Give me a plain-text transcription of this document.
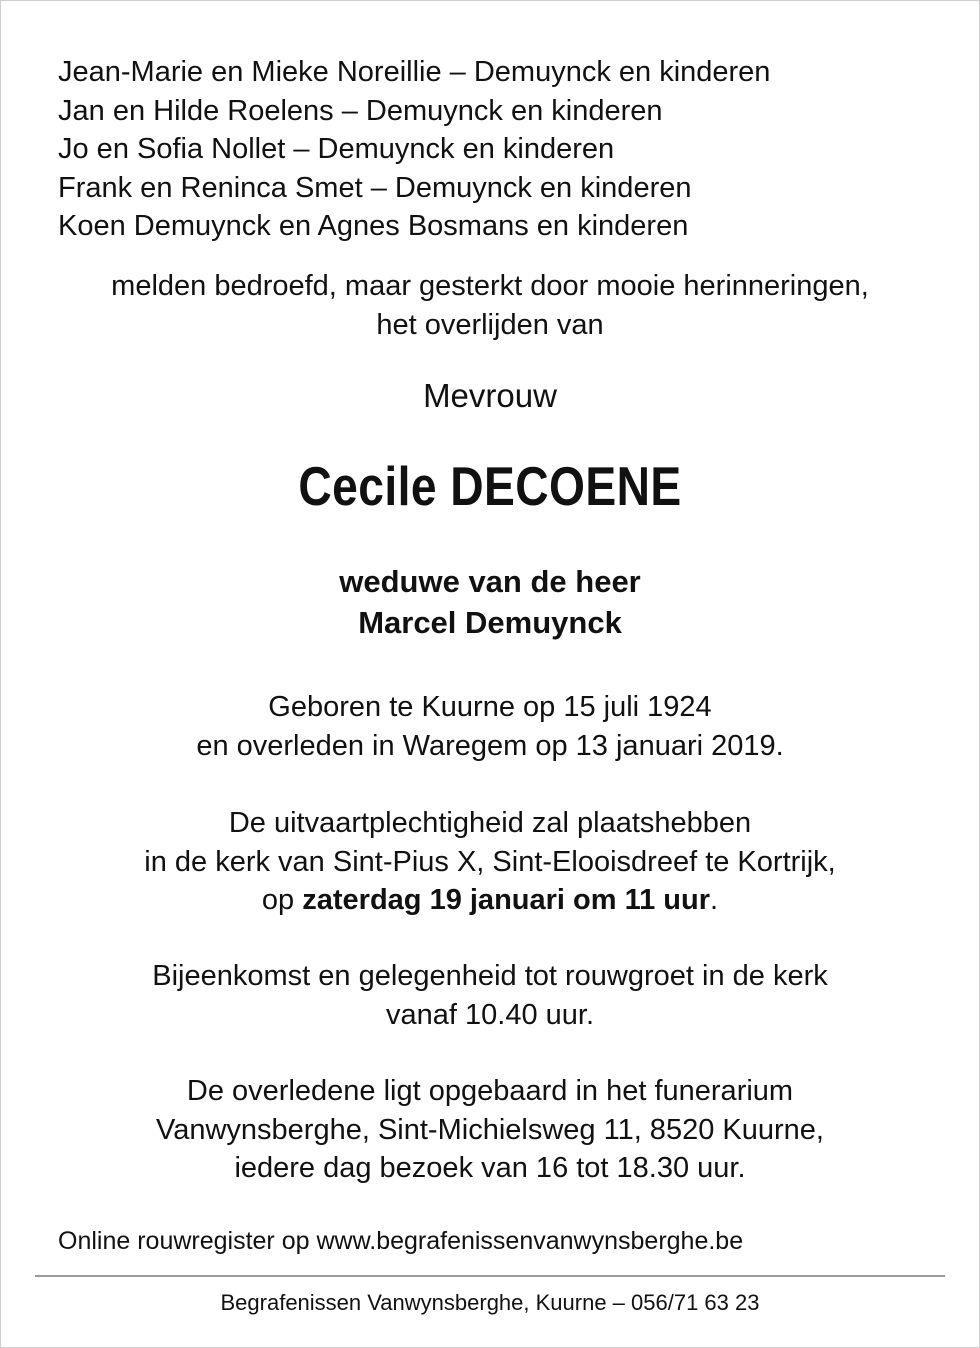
Jean-Marie en Mieke Noreillie – Demuynck en kinderen
Jan en Hilde Roelens – Demuynck en kinderen
Jo en Sofia Nollet – Demuynck en kinderen
Frank en Reninca Smet – Demuynck en kinderen
Koen Demuynck en Agnes Bosmans en kinderen
melden bedroefd, maar gesterkt door mooie herinneringen,
het overlijden van
Mevrouw
Cecile DECOENE
weduwe van de heer
Marcel Demuynck
Geboren te Kuurne op 15 juli 1924
en overleden in Waregem op 13 januari 2019.
De uitvaartplechtigheid zal plaatshebben
in de kerk van Sint-Pius X, Sint-Elooisdreef te Kortrijk,
op zaterdag 19 januari om 11 uur.
Bijeenkomst en gelegenheid tot rouwgroet in de kerk
vanaf 10.40 uur.
De overledene ligt opgebaard in het funerarium
Vanwynsberghe, Sint-Michielsweg 11, 8520 Kuurne,
iedere dag bezoek van 16 tot 18.30 uur.
Online rouwregister op www.begrafenissenvanwynsberghe.be
Begrafenissen Vanwynsberghe, Kuurne – 056/71 63 23
